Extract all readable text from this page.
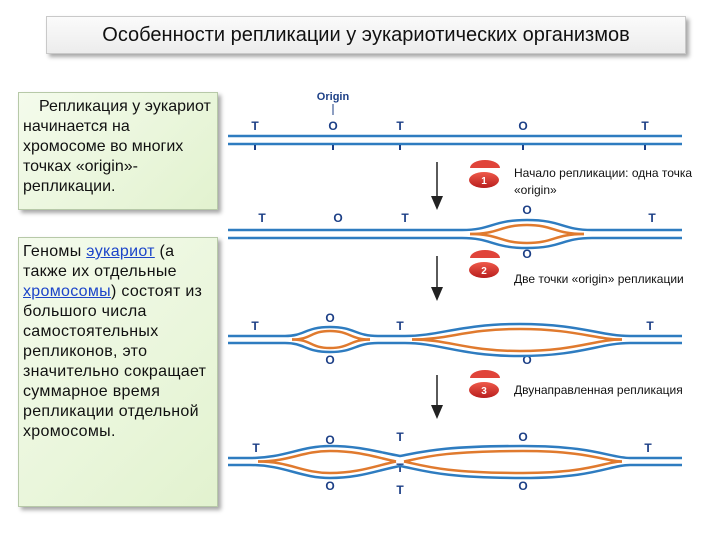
Особенности репликации у эукариотических организмов
Репликация у эукариот начинается на хромосоме во многих точках «origin»-репликации.
Геномы эукариот (а также их отдельные хромосомы) состоят из большого числа самостоятельных репликонов, это значительно сокращает суммарное время репликации отдельной хромосомы.
Начало репликации: одна точка «origin»
Две точки «origin» репликации
Двунаправленная репликация
Origin
T	O	T	O	T
O
T	O	T	T
O
O
T	T	T
O	O
T	O
O
T	T
T
O	O
T
1
2
3
